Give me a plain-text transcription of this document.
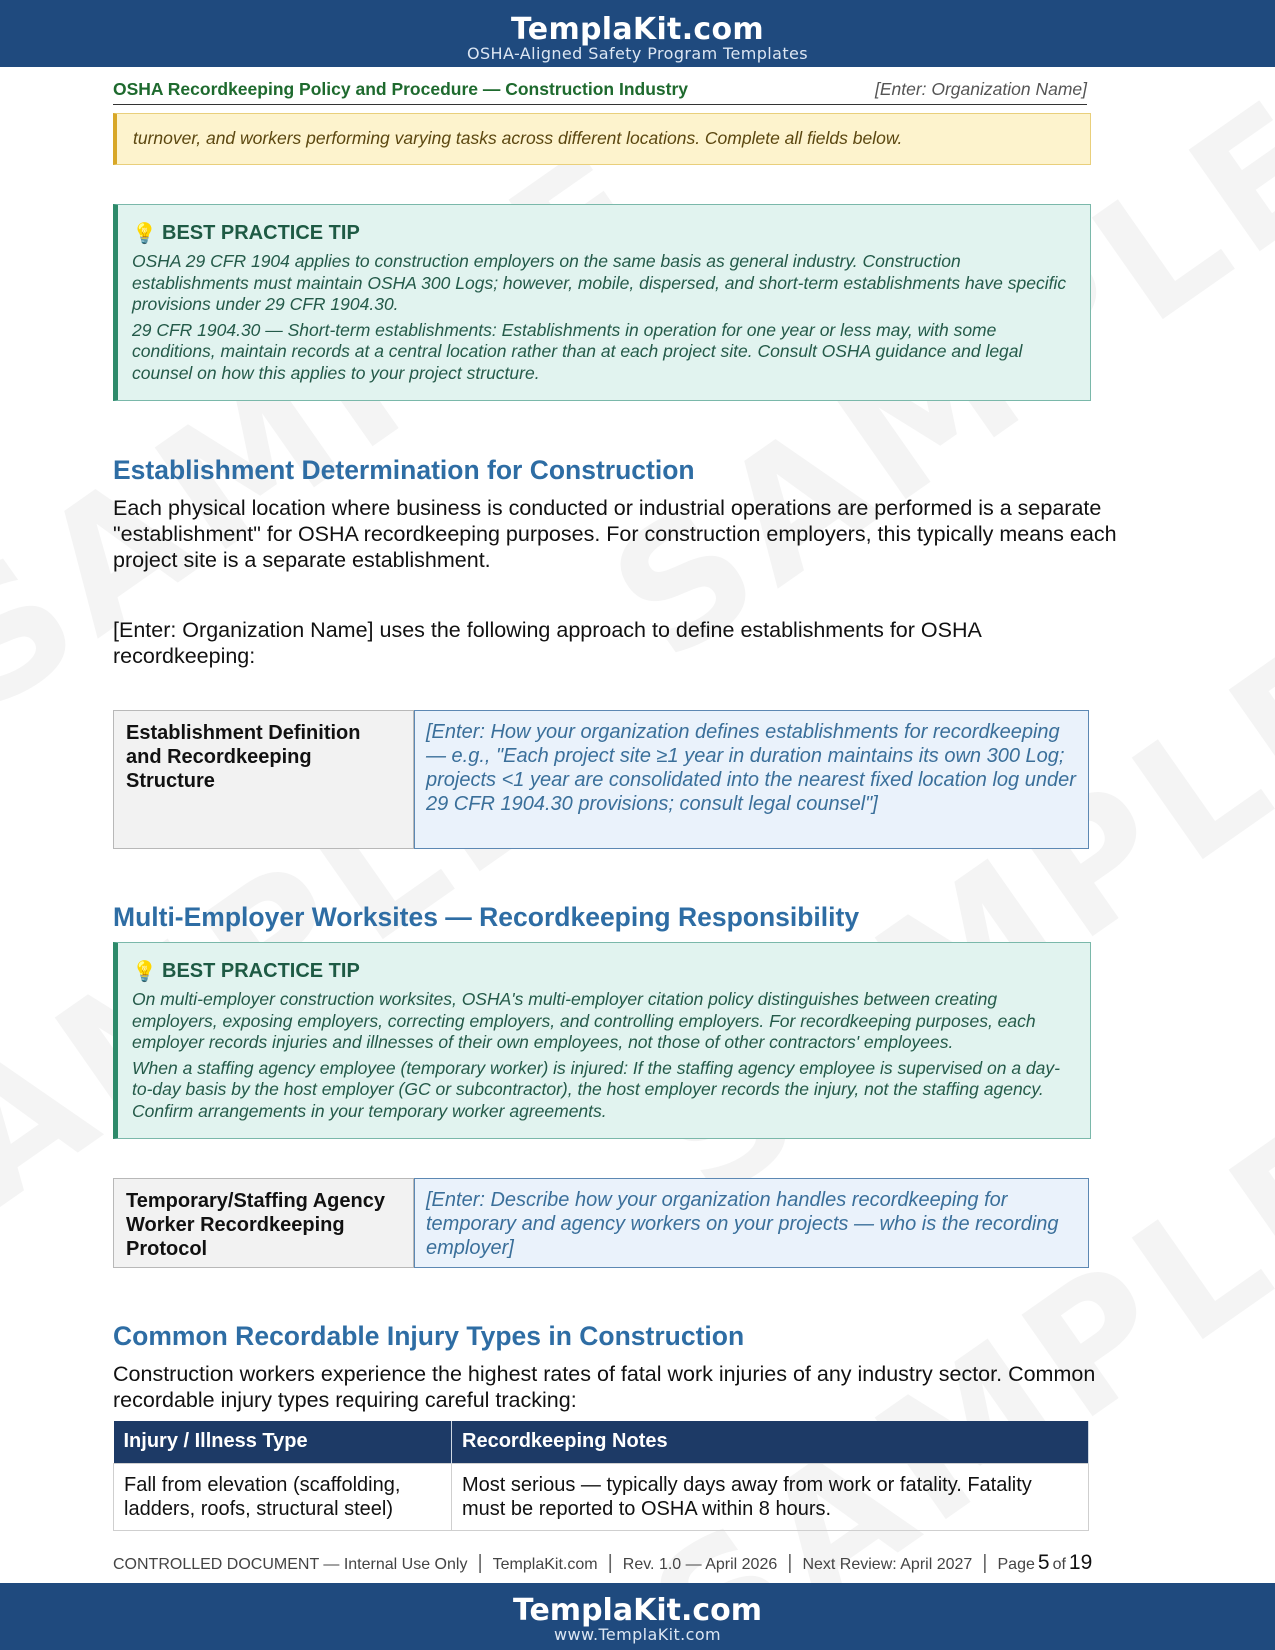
TemplaKit.com
OSHA-Aligned Safety Program Templates
OSHA Recordkeeping Policy and Procedure — Construction Industry	[Enter: Organization Name]
turnover, and workers performing varying tasks across different locations. Complete all fields below.
💡 BEST PRACTICE TIP

OSHA 29 CFR 1904 applies to construction employers on the same basis as general industry. Construction establishments must maintain OSHA 300 Logs; however, mobile, dispersed, and short-term establishments have specific provisions under 29 CFR 1904.30.

29 CFR 1904.30 — Short-term establishments: Establishments in operation for one year or less may, with some conditions, maintain records at a central location rather than at each project site. Consult OSHA guidance and legal counsel on how this applies to your project structure.

Establishment Determination for Construction
Each physical location where business is conducted or industrial operations are performed is a separate "establishment" for OSHA recordkeeping purposes. For construction employers, this typically means each project site is a separate establishment.
[Enter: Organization Name] uses the following approach to define establishments for OSHA recordkeeping:
Establishment Definition and Recordkeeping Structure
[Enter: How your organization defines establishments for recordkeeping — e.g., "Each project site ≥1 year in duration maintains its own 300 Log; projects <1 year are consolidated into the nearest fixed location log under 29 CFR 1904.30 provisions; consult legal counsel"]
Multi-Employer Worksites — Recordkeeping Responsibility
💡 BEST PRACTICE TIP

On multi-employer construction worksites, OSHA's multi-employer citation policy distinguishes between creating employers, exposing employers, correcting employers, and controlling employers. For recordkeeping purposes, each employer records injuries and illnesses of their own employees, not those of other contractors' employees.

When a staffing agency employee (temporary worker) is injured: If the staffing agency employee is supervised on a day-to-day basis by the host employer (GC or subcontractor), the host employer records the injury, not the staffing agency. Confirm arrangements in your temporary worker agreements.

Temporary/Staffing Agency Worker Recordkeeping Protocol
[Enter: Describe how your organization handles recordkeeping for temporary and agency workers on your projects — who is the recording employer]
Common Recordable Injury Types in Construction
Construction workers experience the highest rates of fatal work injuries of any industry sector. Common recordable injury types requiring careful tracking:
Injury / Illness Type	Recordkeeping Notes
Fall from elevation (scaffolding, ladders, roofs, structural steel)	Most serious — typically days away from work or fatality. Fatality must be reported to OSHA within 8 hours.
CONTROLLED DOCUMENT — Internal Use Only | TemplaKit.com | Rev. 1.0 — April 2026 | Next Review: April 2027 | Page 5 of 19
TemplaKit.com
www.TemplaKit.com
